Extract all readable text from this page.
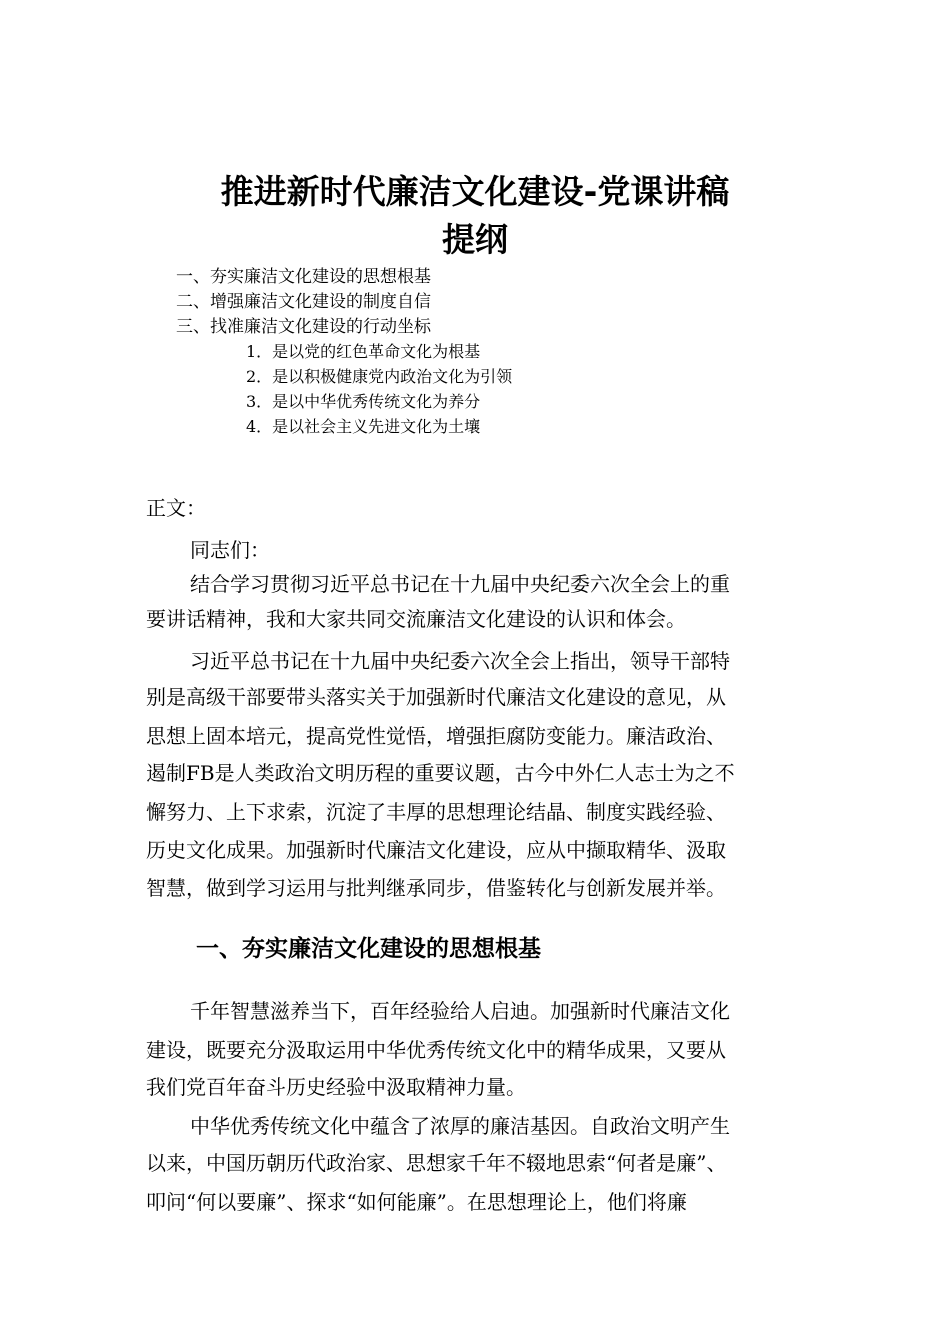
推进新时代廉洁文化建设-党课讲稿
提纲
一、夯实廉洁文化建设的思想根基
二、增强廉洁文化建设的制度自信
三、找准廉洁文化建设的行动坐标
1．是以党的红色革命文化为根基
2．是以积极健康党内政治文化为引领
3．是以中华优秀传统文化为养分
4．是以社会主义先进文化为土壤
正文：
同志们：
结合学习贯彻习近平总书记在十九届中央纪委六次全会上的重
要讲话精神，我和大家共同交流廉洁文化建设的认识和体会。
习近平总书记在十九届中央纪委六次全会上指出，领导干部特
别是高级干部要带头落实关于加强新时代廉洁文化建设的意见，从
思想上固本培元，提高党性觉悟，增强拒腐防变能力。廉洁政治、
遏制FB是人类政治文明历程的重要议题，古今中外仁人志士为之不
懈努力、上下求索，沉淀了丰厚的思想理论结晶、制度实践经验、
历史文化成果。加强新时代廉洁文化建设，应从中撷取精华、汲取
智慧，做到学习运用与批判继承同步，借鉴转化与创新发展并举。
一、夯实廉洁文化建设的思想根基
千年智慧滋养当下，百年经验给人启迪。加强新时代廉洁文化
建设，既要充分汲取运用中华优秀传统文化中的精华成果，又要从
我们党百年奋斗历史经验中汲取精神力量。
中华优秀传统文化中蕴含了浓厚的廉洁基因。自政治文明产生
以来，中国历朝历代政治家、思想家千年不辍地思索“何者是廉”、
叩问“何以要廉”、探求“如何能廉”。在思想理论上，他们将廉
